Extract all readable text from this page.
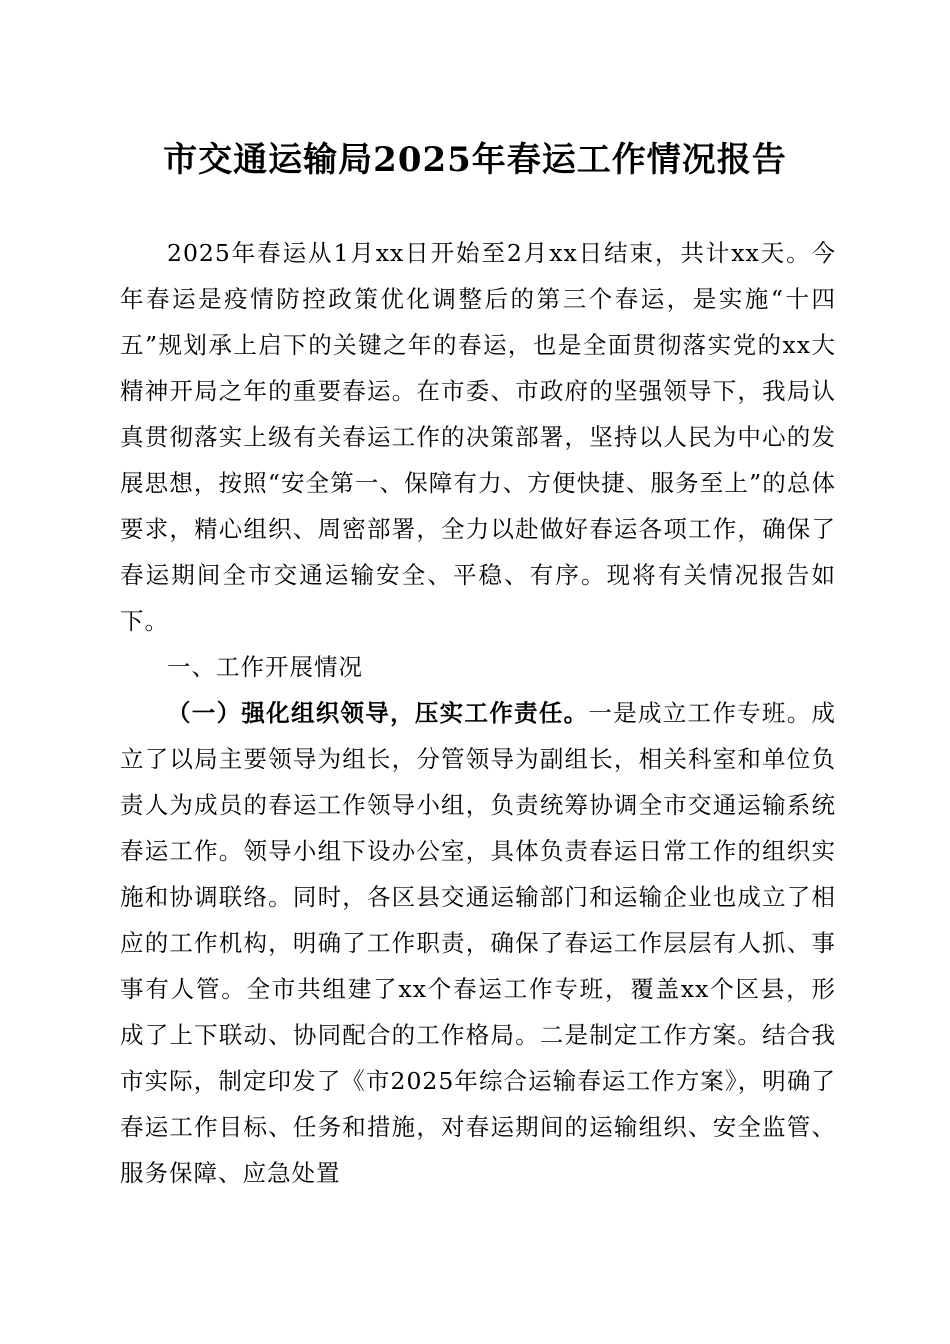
市交通运输局2025年春运工作情况报告

2025年春运从1月xx日开始至2月xx日结束，共计xx天。今年春运是疫情防控政策优化调整后的第三个春运，是实施“十四五”规划承上启下的关键之年的春运，也是全面贯彻落实党的xx大精神开局之年的重要春运。在市委、市政府的坚强领导下，我局认真贯彻落实上级有关春运工作的决策部署，坚持以人民为中心的发展思想，按照“安全第一、保障有力、方便快捷、服务至上”的总体要求，精心组织、周密部署，全力以赴做好春运各项工作，确保了春运期间全市交通运输安全、平稳、有序。现将有关情况报告如下。

一、工作开展情况

（一）强化组织领导，压实工作责任。一是成立工作专班。成立了以局主要领导为组长，分管领导为副组长，相关科室和单位负责人为成员的春运工作领导小组，负责统筹协调全市交通运输系统春运工作。领导小组下设办公室，具体负责春运日常工作的组织实施和协调联络。同时，各区县交通运输部门和运输企业也成立了相应的工作机构，明确了工作职责，确保了春运工作层层有人抓、事事有人管。全市共组建了xx个春运工作专班，覆盖xx个区县，形成了上下联动、协同配合的工作格局。二是制定工作方案。结合我市实际，制定印发了《市2025年综合运输春运工作方案》，明确了春运工作目标、任务和措施，对春运期间的运输组织、安全监管、服务保障、应急处置
